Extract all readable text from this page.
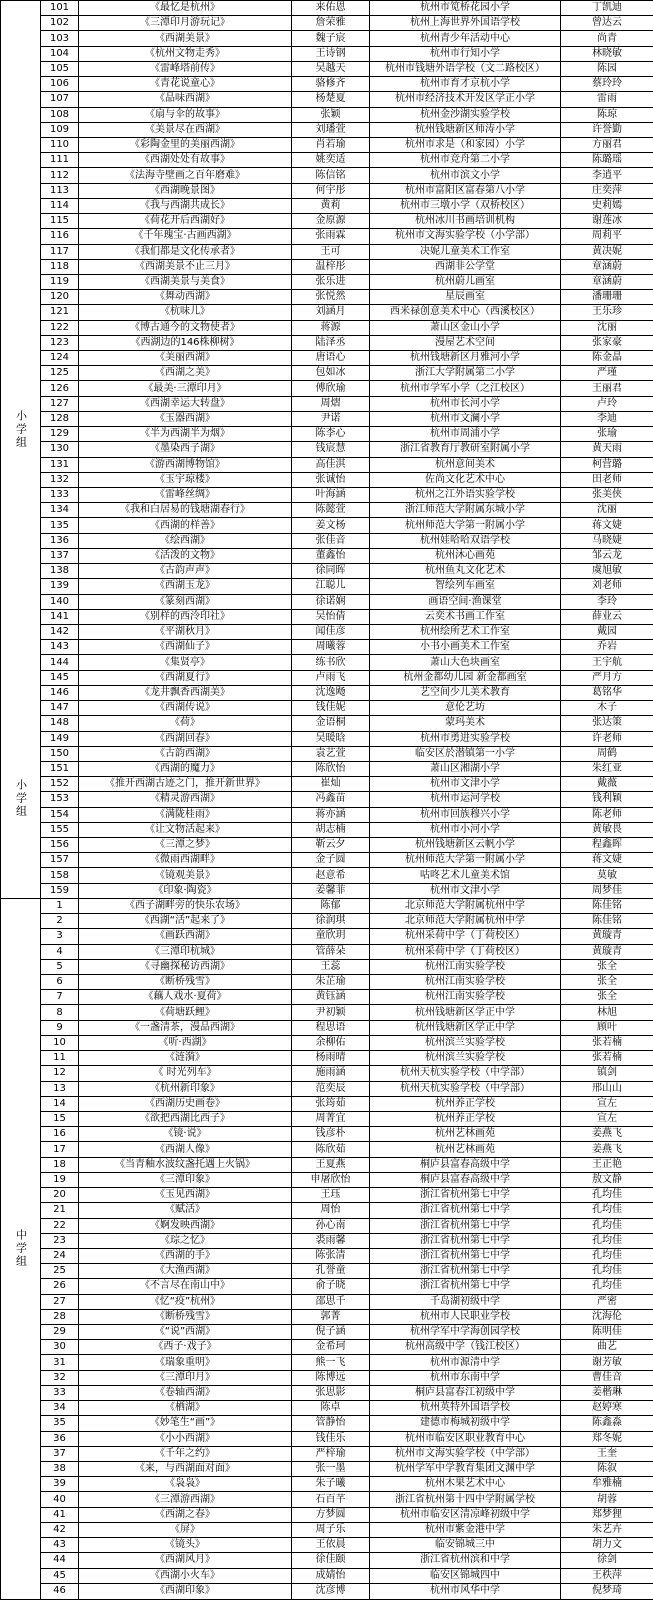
小学组
小学组	101	《最忆是杭州》	来佑恩	杭州市笕桥花园小学	丁凯迪
	102	《三潭印月游玩记》	詹荣雅	杭州上海世界外国语学校	曾达云
	103	《西湖美景》	魏子宸	杭州青少年活动中心	尚青
	104	《杭州文物走秀》	王诗钢	杭州市行知小学	林晓敏
	105	《雷峰塔前传》	吴越天	杭州市钱塘外语学校（文二路校区）	陈园
	106	《青花说童心》	骆修齐	杭州市育才京杭小学	蔡玲玲
	107	《品味西湖》	杨楚夏	杭州市经济技术开发区学正小学	雷雨
	108	《扇与伞的故事》	张颖	杭州金沙湖实验学校	陈琼
	109	《美景尽在西湖》	刘璠萱	杭州钱塘新区师涛小学	许誉勤
	110	《彩陶金里的美丽西湖》	肖若瑜	杭州市求是（和家园）小学	方丽君
	111	《西湖处处有故事》	姚奕适	杭州市竞舟第二小学	陈璐瑶
	112	《法海寺壁画之百年磨难》	陈信铭	杭州市滨文小学	李逍平
	113	《西湖晚景图》	何宇彤	杭州市富阳区富春第八小学	庄奕萍
	114	《我与西湖共成长》	黄莉	杭州市三墩小学（双桥校区）	史莉嫣
	115	《荷花开后西湖好》	金原源	杭州冰川书画培训机构	谢莲冰
	116	《千年瑰宝·古画西湖》	张雨霖	杭州市文海实验学校（小学部）	周莉平
	117	《我们都是文化传承者》	王可	决妮儿童美术工作室	黄决妮
	118	《西湖美景不止三月》	温梓彤	西湖非公学堂	章涵蔚
	119	《西湖美景与美食》	张乐进	杭州蔚儿画室	章涵蔚
	120	《舞动西湖》	张悦然	星辰画室	潘珊珊
	121	《杭味儿》	刘涵月	西米禄创意美术中心（西溪校区）	王乐珍
	122	《博古通今的文物使者》	蒋源	萧山区金山小学	沈丽
	123	《西湖边的146株柳树》	陆泽丞	漫屋艺术空间	张家豪
	124	《美丽西湖》	唐语心	杭州钱塘新区月雅河小学	陈金晶
	125	《西湖之美》	包如冰	浙江大学附属第二小学	严瑾
	126	《最美·三潭印月》	傅欣瑜	杭州市学军小学（之江校区）	王丽君
	127	《西湖幸运大转盘》	周熠	杭州市长河小学	卢玲
	128	《玉器西湖》	尹诺	杭州市文澜小学	李迪
	129	《半为西湖半为烟》	陈李心	杭州市周浦小学	张瑜
	130	《墨染西子湖》	钱宸慧	浙江省教育厅教研室附属小学	黄天雨
	131	《游西湖博物馆》	高佳淇	杭州意间美术	柯营璐
	132	《玉宇琼楼》	张诚怡	佐尚文化艺术中心	田老师
	133	《雷峰丝绸》	叶海涵	杭州之江外语实验学校	张美侠
	134	《我和白居易的钱塘湖春行》	陈懿萱	浙江师范大学附属东城小学	沈丽
	135	《西湖的样善》	姜文杨	杭州师范大学第一附属小学	蒋文婕
	136	《绘西湖》	张佳音	杭州娃哈哈双语学校	马晓婕
	137	《活泼的文物》	董鑫怡	杭州沐心画苑	邹云龙
	138	《古韵声声》	徐同晖	杭州鱼丸文化艺术	虞旭敏
	139	《西湖玉龙》	江聪儿	智绘列车画室	刘老师
	140	《篆刻西湖》	徐诺娴	画语空间·渔课堂	李玲
	141	《别样的西泠印社》	吴怡倩	云奕术书画工作室	薛业云
	142	《平湖秋月》	闻佳彦	杭州绘所艺术工作室	戴园
	143	《西湖仙子》	周曦蓉	小书小画美术工作室	乔岩
	144	《集贤亭》	练书欣	萧山大色块画室	王宇航
	145	《西湖夏行》	卢雨飞	杭州金都幼儿园 新金都画室	严月方
	146	《龙井飘香西湖美》	沈逸飏	艺空间少儿美术教育	葛铭华
	147	《西湖传说》	钱佳妮	意伦艺坊	木子
	148	《荷》	金语桐	蒙玛美术	张达策
	149	《西湖回春》	吴暖晗	杭州市勇进实验学校	许老师
	150	《古韵西湖》	袁艺萱	临安区於潜镇第一小学	周鹤
	151	《西湖的魔力》	陈欣怡	萧山区湘湖小学	朱红亚
	152	《推开西湖古迹之门，推开新世界》	崔灿	杭州市文津小学	戴薇
	153	《精灵游西湖》	冯鑫苗	杭州市运河学校	钱利颖
	154	《满陇桂雨》	蒋亦涵	杭州市回族穆兴小学	陈老师
	155	《让文物活起来》	胡志楠	杭州市小河小学	黄敏畏
	156	《三潭之梦》	靳云夕	杭州钱塘新区云帆小学	程鑫晖
	157	《微雨西湖畔》	金子圆	杭州师范大学第一附属小学	蒋文婕
	158	《镜观美景》	赵意希	咕咚艺术儿童美术馆	莫敏
	159	《印象·陶瓷》	姜馨菲	杭州市文津小学	周梦佳

中学组	1	《西子湖畔旁的快乐农场》	陈郁	北京师范大学附属杭州中学	陈佳铭
	2	《西湖“活”起来了》	徐润琪	北京师范大学附属杭州中学	陈佳铭
	3	《画跃西湖》	童欣玥	杭州采荷中学（丁荷校区）	黄璇青
	4	《三潭印杭城》	管薛朵	杭州采荷中学（丁荷校区）	黄璇青
	5	《寻幽探秘访西湖》	王蕊	杭州江南实验学校	张全
	6	《断桥残雪》	朱芷瑜	杭州江南实验学校	张全
	7	《藕人戏水·夏荷》	黄钰涵	杭州江南实验学校	张全
	8	《荷塘跃鲤》	尹初颖	杭州钱塘新区学正中学	林旭
	9	《一盏清茶，漫品西湖》	程思语	杭州钱塘新区学正中学	顾叶
	10	《听·西湖》	余柳佑	杭州滨兰实验学校	张若楠
	11	《涟漪》	杨雨晴	杭州滨兰实验学校	张若楠
	12	《 时光列车》	施雨涵	杭州天杭实验学校（中学部）	镇剑
	13	《杭州新印象》	范奕辰	杭州天杭实验学校（中学部）	邢山山
	14	《西湖历史画卷》	张筠茹	杭州养正学校	宣左
	15	《欲把西湖比西子》	周菁宜	杭州养正学校	宣左
	16	《镜·说》	钱彦朴	杭州艺林画苑	姜燕飞
	17	《西湖人像》	陈欣茹	杭州艺林画苑	姜燕飞
	18	《当青釉水波纹盏托遇上火锅》	王夏燕	桐庐县富春高级中学	王正艳
	19	《三潭印象》	申屠欣怡	桐庐县富春高级中学	敖文静
	20	《玉见西湖》	王珏	浙江省杭州第七中学	孔均佳
	21	《赋活》	周怡	浙江省杭州第七中学	孔均佳
	22	《婀发映西湖》	孙心南	浙江省杭州第七中学	孔均佳
	23	《琮之忆》	裘雨馨	浙江省杭州第七中学	孔均佳
	24	《西湖的手》	陈张清	浙江省杭州第七中学	孔均佳
	25	《大渔西湖》	孔誉童	浙江省杭州第七中学	孔均佳
	26	《不言尽在南山中》	俞子晓	浙江省杭州第七中学	孔均佳
	27	《忆“疫”杭州》	邵思千	千岛湖初级中学	严密
	28	《断桥残雪》	郭菁	杭州市人民职业学校	沈海伦
	29	《“说”西湖》	倪子涵	杭州学军中学海创园学校	陈明佳
	30	《西子·戏子》	金希珂	杭州高级中学（钱江校区）	曲艺
	31	《瑞象重明》	熊一飞	杭州市源清中学	谢芳敏
	32	《三潭印月》	陈博远	杭州市东南中学	曹佳音
	33	《卷轴西湖》	张思影	桐庐县富春江初级中学	姜楷琳
	34	《栖湖》	陈卓	杭州英特外国语学校	赵婷寒
	35	《妙笔生“画”》	管静怡	建德市梅城初级中学	陈鑫淼
	36	《小小西湖》	钱佳乐	杭州市临安区职业教育中心	郑冬妮
	37	《千年之约》	严梓瑜	杭州市文海实验学校（中学部）	王奎
	38	《来，与西湖面对面》	张一墨	杭州学军中学教育集团文渊中学	陈叙
	39	《袅袅》	朱子曦	杭州木果艺术中心	牟雅楠
	40	《三潭游西湖》	石百芊	浙江省杭州第十四中学附属学校	胡蓉
	41	《西湖之春》	方梦圆	杭州市临安区清凉峰初级中学	郑梦狸
	42	《屏》	周子乐	杭州市紫金港中学	朱艺卉
	43	《镜头》	王依晨	临安锦城三中	胡力文
	44	《西湖风月》	徐佳颐	浙江省杭州滨和中学	徐剑
	45	《西湖小火车》	成婧怡	临安区锦城四中	王秩萍
	46	《西湖印象》	沈彦博	杭州市风华中学	倪梦琦
